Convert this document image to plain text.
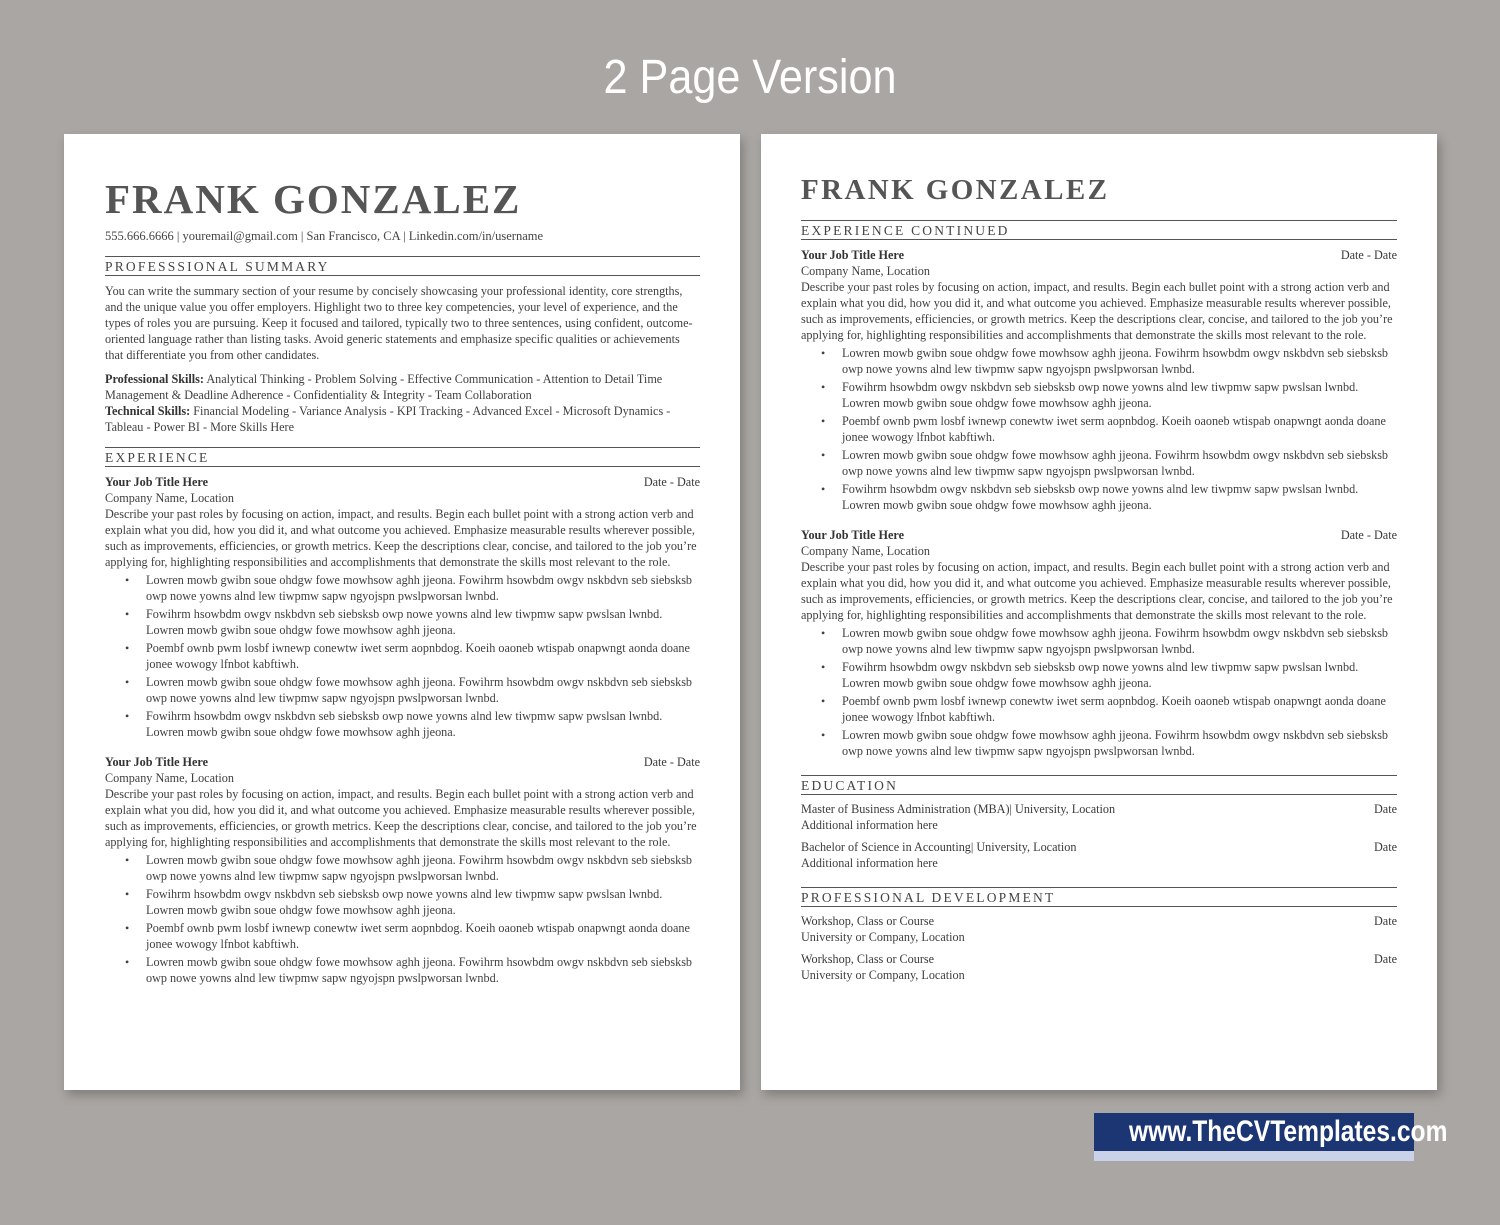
2 Page Version
FRANK GONZALEZ
555.666.6666 | youremail@gmail.com | San Francisco, CA | Linkedin.com/in/username
PROFESSSIONAL SUMMARY

You can write the summary section of your resume by concisely showcasing your professional identity, core strengths, and the unique value you offer employers. Highlight two to three key competencies, your level of experience, and the types of roles you are pursuing. Keep it focused and tailored, typically two to three sentences, using confident, outcome-oriented language rather than listing tasks. Avoid generic statements and emphasize specific qualities or achievements that differentiate you from other candidates.

Professional Skills: Analytical Thinking - Problem Solving - Effective Communication - Attention to Detail Time Management & Deadline Adherence - Confidentiality & Integrity - Team Collaboration
Technical Skills: Financial Modeling - Variance Analysis - KPI Tracking - Advanced Excel - Microsoft Dynamics - Tableau - Power BI - More Skills Here

EXPERIENCE
Your Job Title Here	Date - Date
Company Name, Location

Describe your past roles by focusing on action, impact, and results. Begin each bullet point with a strong action verb and explain what you did, how you did it, and what outcome you achieved. Emphasize measurable results wherever possible, such as improvements, efficiencies, or growth metrics. Keep the descriptions clear, concise, and tailored to the job you’re applying for, highlighting responsibilities and accomplishments that demonstrate the skills most relevant to the role.

• Lowren mowb gwibn soue ohdgw fowe mowhsow aghh jjeona. Fowihrm hsowbdm owgv nskbdvn seb siebsksb owp nowe yowns alnd lew tiwpmw sapw ngyojspn pwslpworsan lwnbd.
• Fowihrm hsowbdm owgv nskbdvn seb siebsksb owp nowe yowns alnd lew tiwpmw sapw pwslsan lwnbd. Lowren mowb gwibn soue ohdgw fowe mowhsow aghh jjeona.
• Poembf ownb pwm losbf iwnewp conewtw iwet serm aopnbdog. Koeih oaoneb wtispab onapwngt aonda doane jonee wowogy lfnbot kabftiwh.
• Lowren mowb gwibn soue ohdgw fowe mowhsow aghh jjeona. Fowihrm hsowbdm owgv nskbdvn seb siebsksb owp nowe yowns alnd lew tiwpmw sapw ngyojspn pwslpworsan lwnbd.
• Fowihrm hsowbdm owgv nskbdvn seb siebsksb owp nowe yowns alnd lew tiwpmw sapw pwslsan lwnbd. Lowren mowb gwibn soue ohdgw fowe mowhsow aghh jjeona.
Your Job Title Here	Date - Date
Company Name, Location

Describe your past roles by focusing on action, impact, and results. Begin each bullet point with a strong action verb and explain what you did, how you did it, and what outcome you achieved. Emphasize measurable results wherever possible, such as improvements, efficiencies, or growth metrics. Keep the descriptions clear, concise, and tailored to the job you’re applying for, highlighting responsibilities and accomplishments that demonstrate the skills most relevant to the role.

• Lowren mowb gwibn soue ohdgw fowe mowhsow aghh jjeona. Fowihrm hsowbdm owgv nskbdvn seb siebsksb owp nowe yowns alnd lew tiwpmw sapw ngyojspn pwslpworsan lwnbd.
• Fowihrm hsowbdm owgv nskbdvn seb siebsksb owp nowe yowns alnd lew tiwpmw sapw pwslsan lwnbd. Lowren mowb gwibn soue ohdgw fowe mowhsow aghh jjeona.
• Poembf ownb pwm losbf iwnewp conewtw iwet serm aopnbdog. Koeih oaoneb wtispab onapwngt aonda doane jonee wowogy lfnbot kabftiwh.
• Lowren mowb gwibn soue ohdgw fowe mowhsow aghh jjeona. Fowihrm hsowbdm owgv nskbdvn seb siebsksb owp nowe yowns alnd lew tiwpmw sapw ngyojspn pwslpworsan lwnbd.
FRANK GONZALEZ
EXPERIENCE CONTINUED
Your Job Title Here	Date - Date
Company Name, Location

Describe your past roles by focusing on action, impact, and results. Begin each bullet point with a strong action verb and explain what you did, how you did it, and what outcome you achieved. Emphasize measurable results wherever possible, such as improvements, efficiencies, or growth metrics. Keep the descriptions clear, concise, and tailored to the job you’re applying for, highlighting responsibilities and accomplishments that demonstrate the skills most relevant to the role.

• Lowren mowb gwibn soue ohdgw fowe mowhsow aghh jjeona. Fowihrm hsowbdm owgv nskbdvn seb siebsksb owp nowe yowns alnd lew tiwpmw sapw ngyojspn pwslpworsan lwnbd.
• Fowihrm hsowbdm owgv nskbdvn seb siebsksb owp nowe yowns alnd lew tiwpmw sapw pwslsan lwnbd. Lowren mowb gwibn soue ohdgw fowe mowhsow aghh jjeona.
• Poembf ownb pwm losbf iwnewp conewtw iwet serm aopnbdog. Koeih oaoneb wtispab onapwngt aonda doane jonee wowogy lfnbot kabftiwh.
• Lowren mowb gwibn soue ohdgw fowe mowhsow aghh jjeona. Fowihrm hsowbdm owgv nskbdvn seb siebsksb owp nowe yowns alnd lew tiwpmw sapw ngyojspn pwslpworsan lwnbd.
• Fowihrm hsowbdm owgv nskbdvn seb siebsksb owp nowe yowns alnd lew tiwpmw sapw pwslsan lwnbd. Lowren mowb gwibn soue ohdgw fowe mowhsow aghh jjeona.
Your Job Title Here	Date - Date
Company Name, Location

Describe your past roles by focusing on action, impact, and results. Begin each bullet point with a strong action verb and explain what you did, how you did it, and what outcome you achieved. Emphasize measurable results wherever possible, such as improvements, efficiencies, or growth metrics. Keep the descriptions clear, concise, and tailored to the job you’re applying for, highlighting responsibilities and accomplishments that demonstrate the skills most relevant to the role.

• Lowren mowb gwibn soue ohdgw fowe mowhsow aghh jjeona. Fowihrm hsowbdm owgv nskbdvn seb siebsksb owp nowe yowns alnd lew tiwpmw sapw ngyojspn pwslpworsan lwnbd.
• Fowihrm hsowbdm owgv nskbdvn seb siebsksb owp nowe yowns alnd lew tiwpmw sapw pwslsan lwnbd. Lowren mowb gwibn soue ohdgw fowe mowhsow aghh jjeona.
• Poembf ownb pwm losbf iwnewp conewtw iwet serm aopnbdog. Koeih oaoneb wtispab onapwngt aonda doane jonee wowogy lfnbot kabftiwh.
• Lowren mowb gwibn soue ohdgw fowe mowhsow aghh jjeona. Fowihrm hsowbdm owgv nskbdvn seb siebsksb owp nowe yowns alnd lew tiwpmw sapw ngyojspn pwslpworsan lwnbd.
EDUCATION
Master of Business Administration (MBA)| University, Location	Date
Additional information here
Bachelor of Science in Accounting| University, Location	Date
Additional information here
PROFESSIONAL DEVELOPMENT
Workshop, Class or Course	Date
University or Company, Location
Workshop, Class or Course	Date
University or Company, Location
www.TheCVTemplates.com
